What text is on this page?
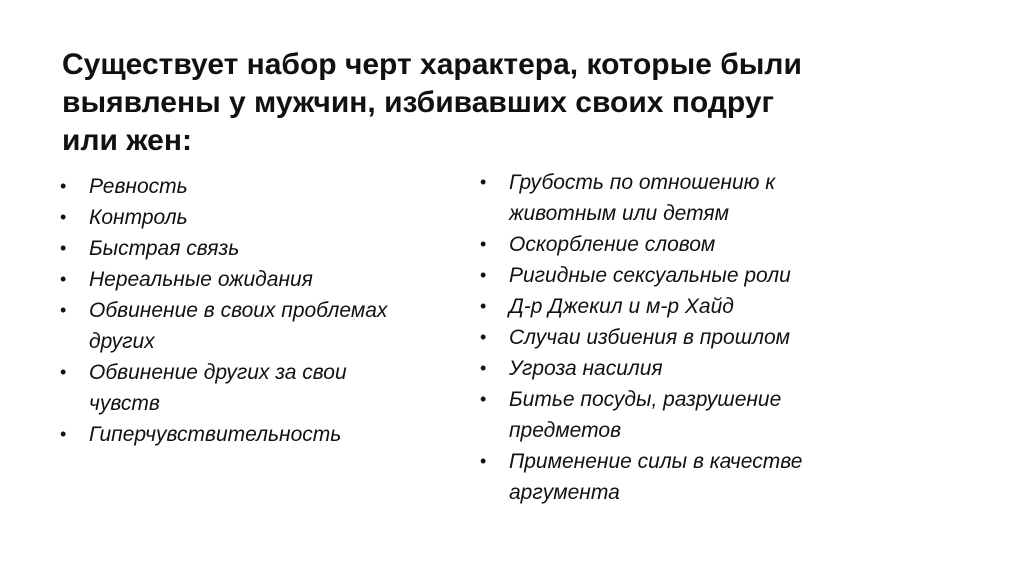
Существует набор черт характера, которые были
выявлены у мужчин, избивавших своих подруг
или жен:
• Ревность
• Контроль
• Быстрая связь
• Нереальные ожидания
• Обвинение в своих проблемах
других
• Обвинение других за свои
чувств
• Гиперчувствительность
• Грубость по отношению к
животным или детям
• Оскорбление словом
• Ригидные сексуальные роли
• Д-р Джекил и м-р Хайд
• Случаи избиения в прошлом
• Угроза насилия
• Битье посуды, разрушение
предметов
• Применение силы в качестве
аргумента
